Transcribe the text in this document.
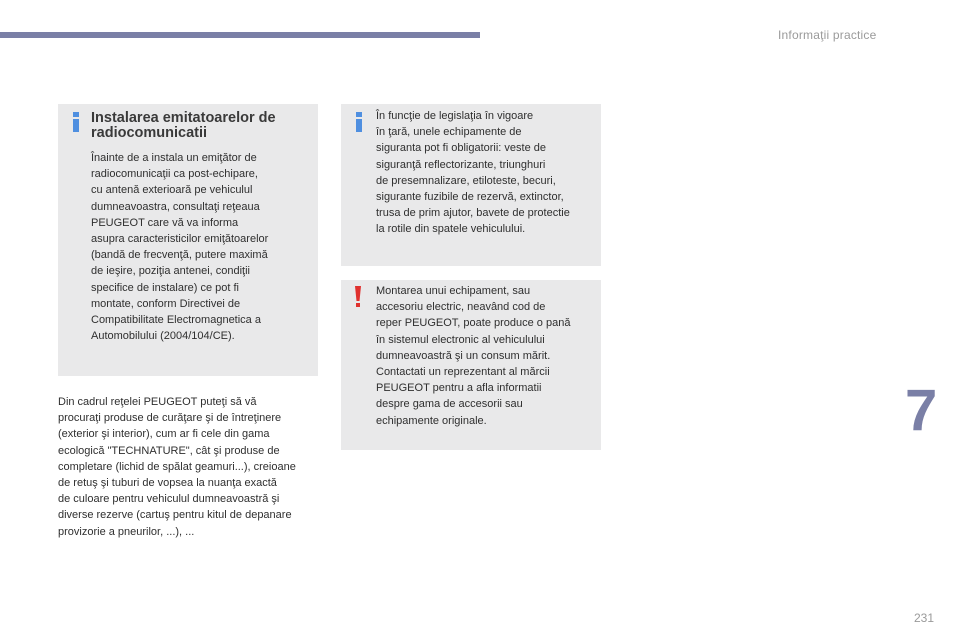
Informaţii practice
Instalarea emitatoarelor de
radiocomunicatii
Înainte de a instala un emiţător de
radiocomunicaţii ca post-echipare,
cu antenă exterioară pe vehiculul
dumneavoastra, consultaţi reţeaua
PEUGEOT care vă va informa
asupra caracteristicilor emiţătoarelor
(bandă de frecvenţă, putere maximă
de ieşire, poziţia antenei, condiţii
specifice de instalare) ce pot fi
montate, conform Directivei de
Compatibilitate Electromagnetica a
Automobilului (2004/104/CE).
Din cadrul reţelei PEUGEOT puteţi să vă
procuraţi produse de curăţare şi de întreţinere
(exterior şi interior), cum ar fi cele din gama
ecologică "TECHNATURE", cât şi produse de
completare (lichid de spălat geamuri...), creioane
de retuş şi tuburi de vopsea la nuanţa exactă
de culoare pentru vehiculul dumneavoastră şi
diverse rezerve (cartuş pentru kitul de depanare
provizorie a pneurilor, ...), ...
În funcţie de legislaţia în vigoare
în ţară, unele echipamente de
siguranta pot fi obligatorii: veste de
siguranţă reflectorizante, triunghuri
de presemnalizare, etiloteste, becuri,
sigurante fuzibile de rezervă, extinctor,
trusa de prim ajutor, bavete de protectie
la rotile din spatele vehiculului.
Montarea unui echipament, sau
accesoriu electric, neavând cod de
reper PEUGEOT, poate produce o pană
în sistemul electronic al vehiculului
dumneavoastră şi un consum mărit.
Contactati un reprezentant al mărcii
PEUGEOT pentru a afla informatii
despre gama de accesorii sau
echipamente originale.	7
231
